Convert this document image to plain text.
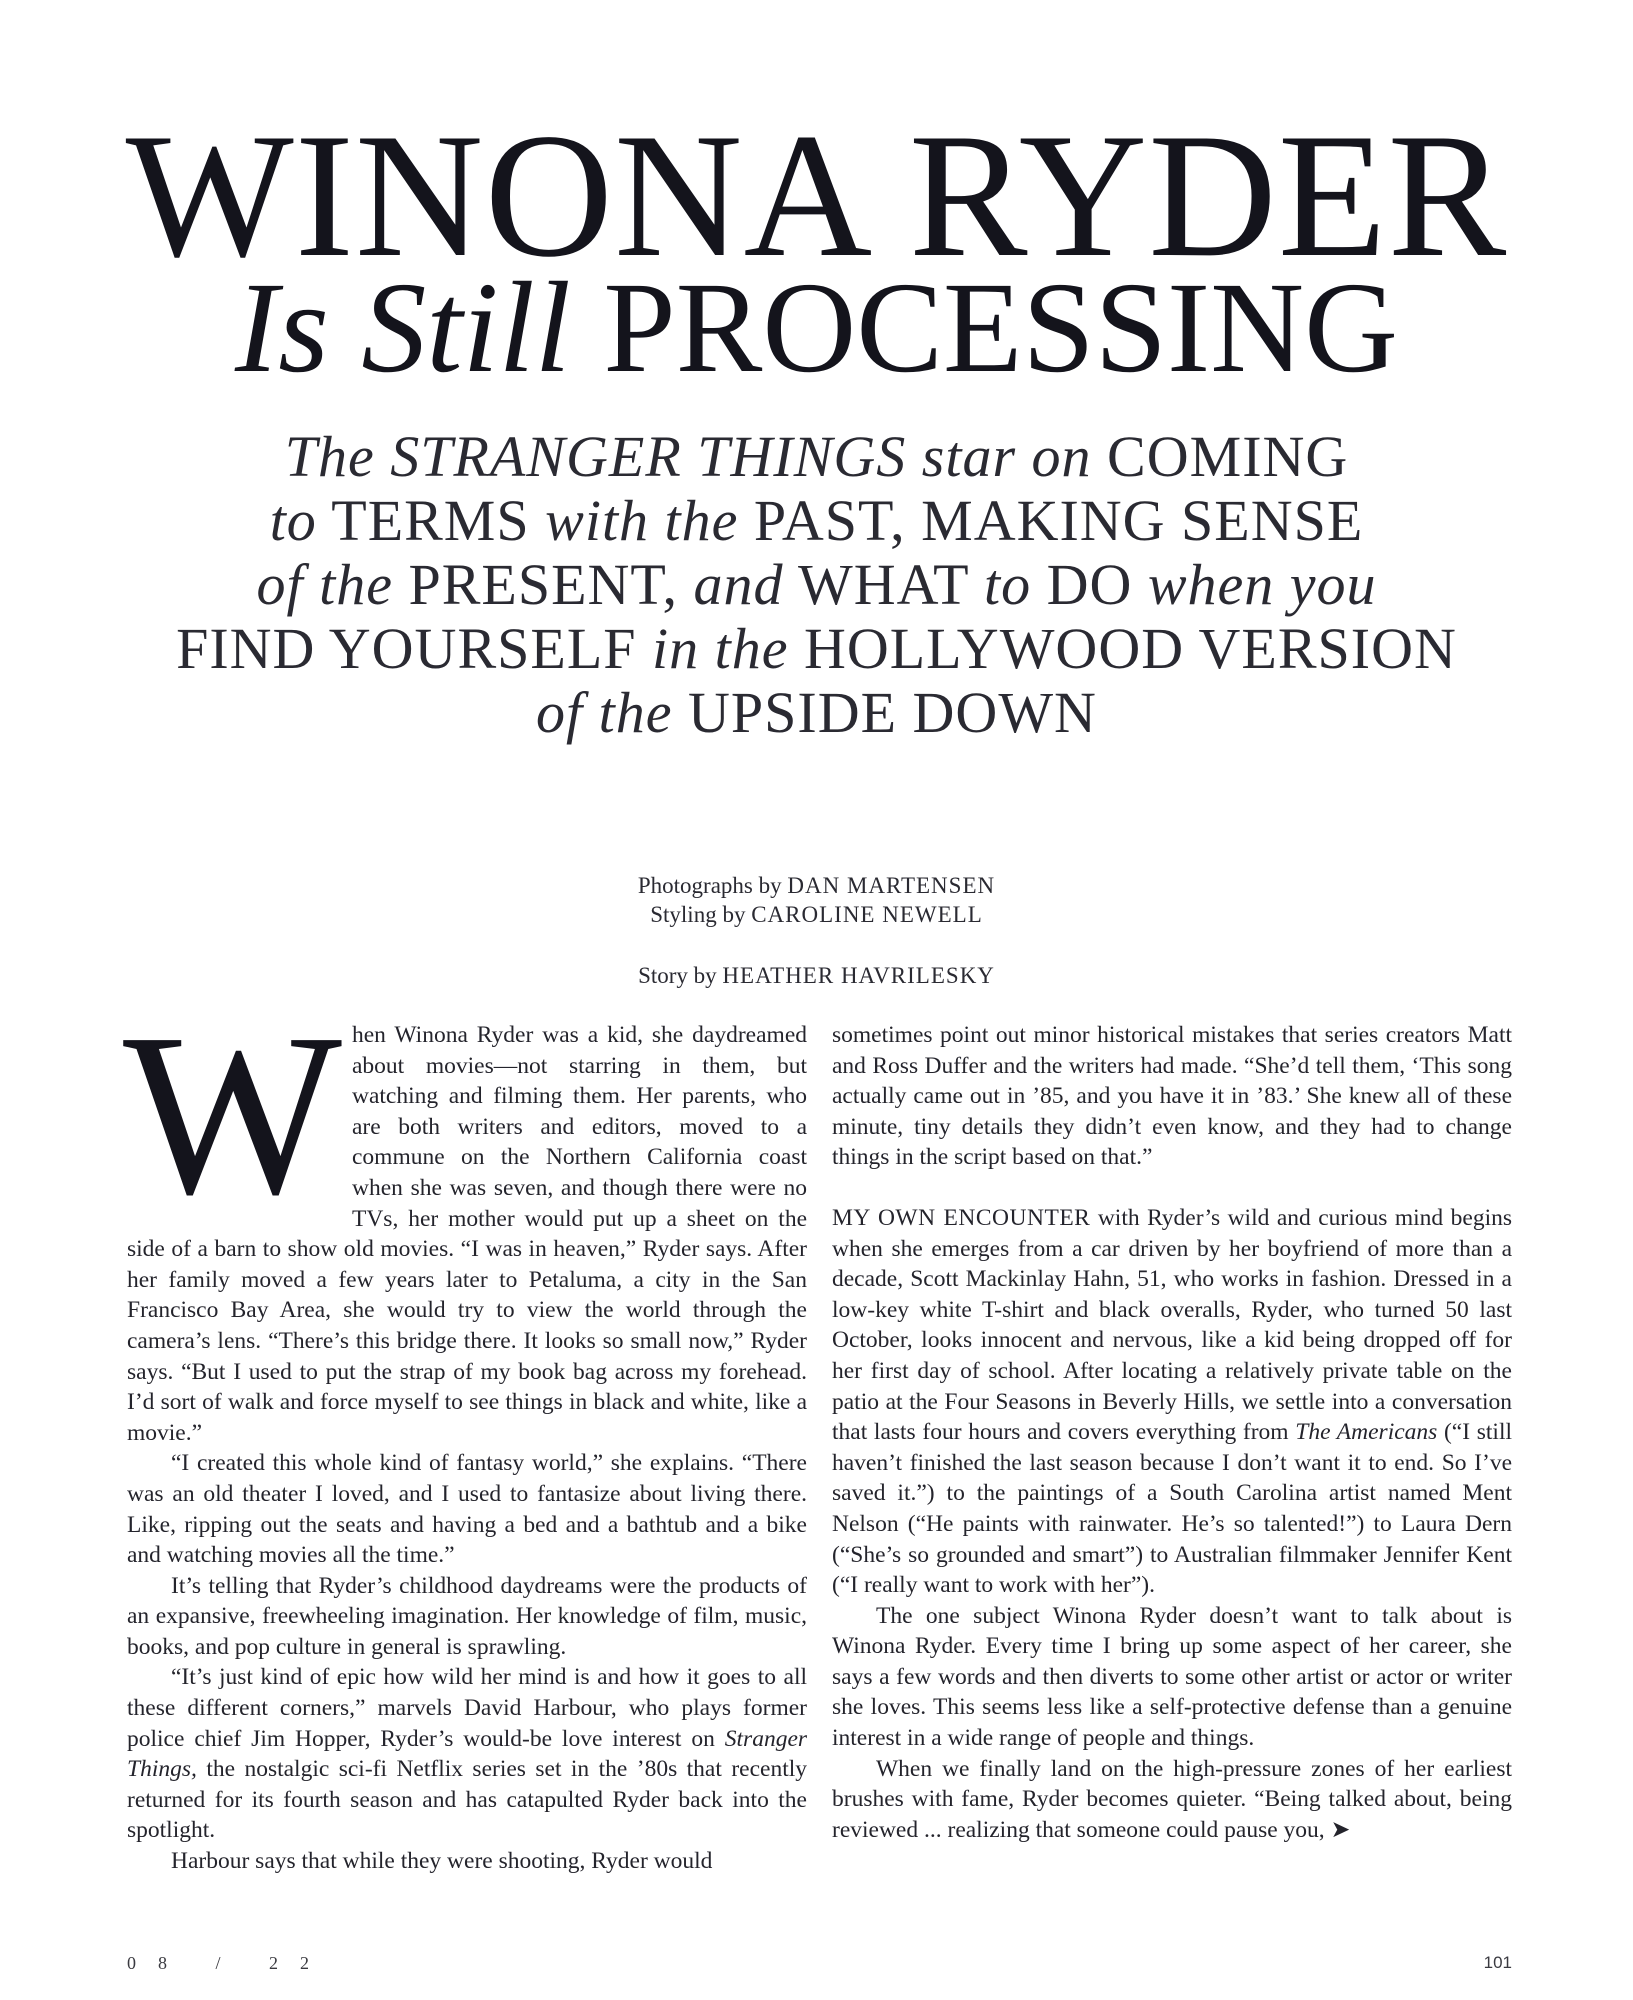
WINONA RYDER
Is Still PROCESSING
The STRANGER THINGS star on COMING
to TERMS with the PAST, MAKING SENSE
of the PRESENT, and WHAT to DO when you
FIND YOURSELF in the HOLLYWOOD VERSION of the UPSIDE DOWN
Photographs by DAN MARTENSEN
Styling by CAROLINE NEWELL
Story by HEATHER HAVRILESKY

When Winona Ryder was a kid, she daydreamed about movies—not starring in them, but watching and filming them. Her parents, who are both writers and editors, moved to a commune on the Northern California coast when she was seven, and though there were no TVs, her mother would put up a sheet on the side of a barn to show old movies. “I was in heaven,” Ryder says. After her family moved a few years later to Petaluma, a city in the San Francisco Bay Area, she would try to view the world through the camera’s lens. “There’s this bridge there. It looks so small now,” Ryder says. “But I used to put the strap of my book bag across my forehead. I’d sort of walk and force myself to see things in black and white, like a movie.”

“I created this whole kind of fantasy world,” she explains. “There was an old theater I loved, and I used to fantasize about living there. Like, ripping out the seats and having a bed and a bathtub and a bike and watching movies all the time.”

It’s telling that Ryder’s childhood daydreams were the products of an expansive, freewheeling imagination. Her knowledge of film, music, books, and pop culture in general is sprawling.

“It’s just kind of epic how wild her mind is and how it goes to all these different corners,” marvels David Harbour, who plays former police chief Jim Hopper, Ryder’s would-be love interest on Stranger Things, the nostalgic sci-fi Netflix series set in the ’80s that recently returned for its fourth season and has catapulted Ryder back into the spotlight.

Harbour says that while they were shooting, Ryder would

sometimes point out minor historical mistakes that series creators Matt and Ross Duffer and the writers had made. “She’d tell them, ‘This song actually came out in ’85, and you have it in ’83.’ She knew all of these minute, tiny details they didn’t even know, and they had to change things in the script based on that.”

MY OWN ENCOUNTER with Ryder’s wild and curious mind begins when she emerges from a car driven by her boyfriend of more than a decade, Scott Mackinlay Hahn, 51, who works in fashion. Dressed in a low-key white T-shirt and black overalls, Ryder, who turned 50 last October, looks innocent and nervous, like a kid being dropped off for her first day of school. After locating a relatively private table on the patio at the Four Seasons in Beverly Hills, we settle into a conversation that lasts four hours and covers everything from The Americans (“I still haven’t finished the last season because I don’t want it to end. So I’ve saved it.”) to the paintings of a South Carolina artist named Ment Nelson (“He paints with rainwater. He’s so talented!”) to Laura Dern (“She’s so grounded and smart”) to Australian filmmaker Jennifer Kent (“I really want to work with her”).

The one subject Winona Ryder doesn’t want to talk about is Winona Ryder. Every time I bring up some aspect of her career, she says a few words and then diverts to some other artist or actor or writer she loves. This seems less like a self-protective defense than a genuine interest in a wide range of people and things.

When we finally land on the high-pressure zones of her earliest brushes with fame, Ryder becomes quieter. “Being talked about, being reviewed ... realizing that someone could pause you, ➤

08 / 22	101
